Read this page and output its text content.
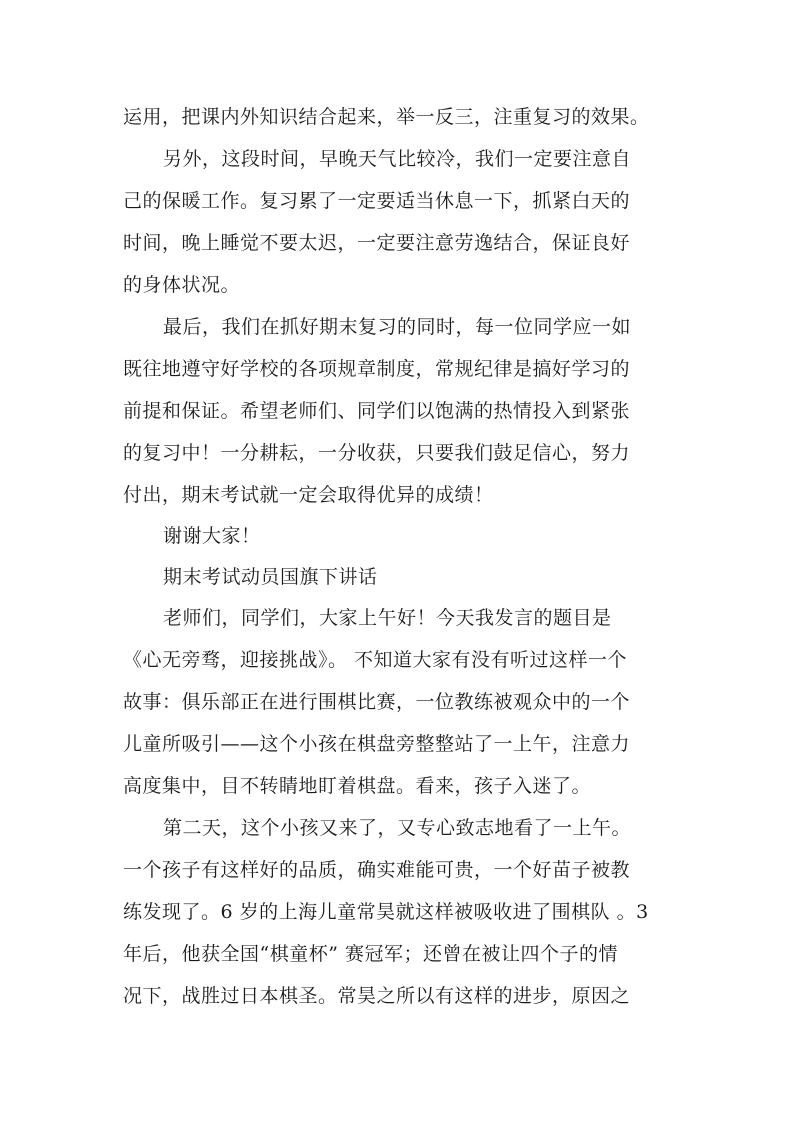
运用，把课内外知识结合起来，举一反三，注重复习的效果。
另外，这段时间，早晚天气比较冷，我们一定要注意自
己的保暖工作。复习累了一定要适当休息一下，抓紧白天的
时间，晚上睡觉不要太迟，一定要注意劳逸结合，保证良好
的身体状况。
最后，我们在抓好期末复习的同时，每一位同学应一如
既往地遵守好学校的各项规章制度，常规纪律是搞好学习的
前提和保证。希望老师们、同学们以饱满的热情投入到紧张
的复习中！一分耕耘，一分收获，只要我们鼓足信心，努力
付出，期末考试就一定会取得优异的成绩！
谢谢大家！
期末考试动员国旗下讲话
老师们，同学们，大家上午好！今天我发言的题目是
《心无旁骛，迎接挑战》。 不知道大家有没有听过这样一个
故事：俱乐部正在进行围棋比赛，一位教练被观众中的一个
儿童所吸引——这个小孩在棋盘旁整整站了一上午，注意力
高度集中，目不转睛地盯着棋盘。看来，孩子入迷了。
第二天，这个小孩又来了，又专心致志地看了一上午。
一个孩子有这样好的品质，确实难能可贵，一个好苗子被教
练发现了。6 岁的上海儿童常昊就这样被吸收进了围棋队 。3
年后，他获全国“棋童杯” 赛冠军；还曾在被让四个子的情
况下，战胜过日本棋圣。常昊之所以有这样的进步，原因之
